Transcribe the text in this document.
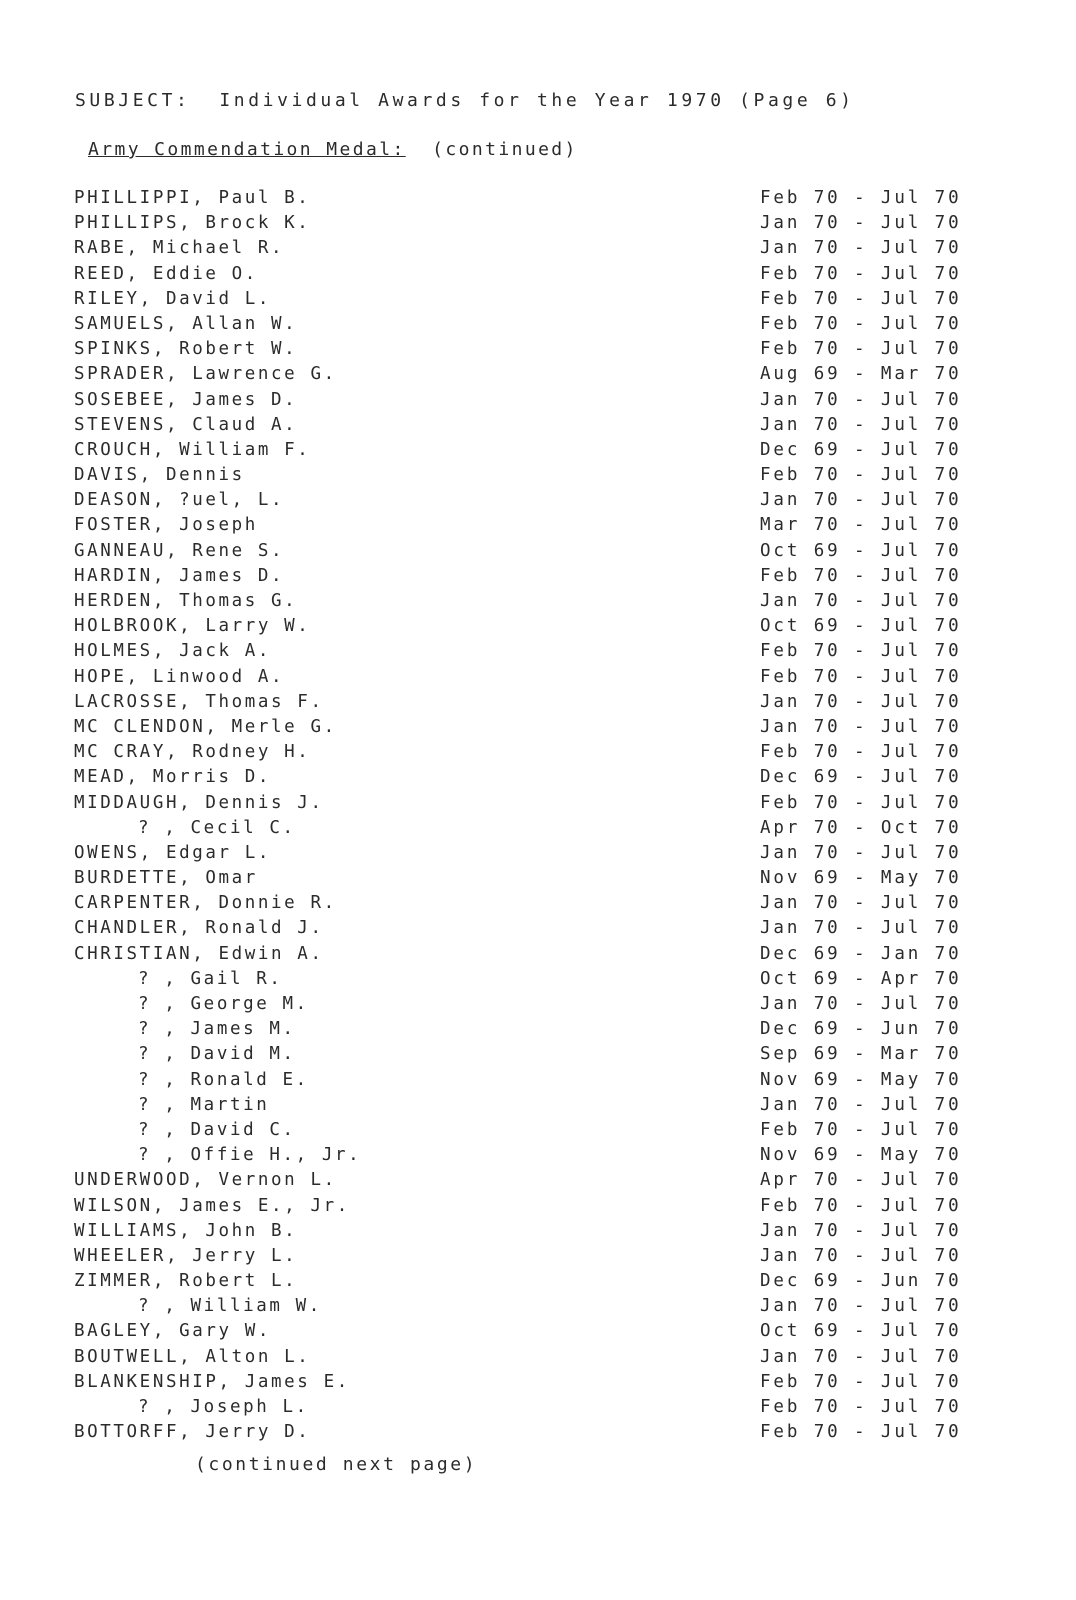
SUBJECT:  Individual Awards for the Year 1970 (Page 6)
Army Commendation Medal: (continued)
PHILLIPPI, Paul B.	Feb 70 - Jul 70
PHILLIPS, Brock K.	Jan 70 - Jul 70
RABE, Michael R.	Jan 70 - Jul 70
REED, Eddie O.	Feb 70 - Jul 70
RILEY, David L.	Feb 70 - Jul 70
SAMUELS, Allan W.	Feb 70 - Jul 70
SPINKS, Robert W.	Feb 70 - Jul 70
SPRADER, Lawrence G.	Aug 69 - Mar 70
SOSEBEE, James D.	Jan 70 - Jul 70
STEVENS, Claud A.	Jan 70 - Jul 70
CROUCH, William F.	Dec 69 - Jul 70
DAVIS, Dennis	Feb 70 - Jul 70
DEASON, ?uel, L.	Jan 70 - Jul 70
FOSTER, Joseph	Mar 70 - Jul 70
GANNEAU, Rene S.	Oct 69 - Jul 70
HARDIN, James D.	Feb 70 - Jul 70
HERDEN, Thomas G.	Jan 70 - Jul 70
HOLBROOK, Larry W.	Oct 69 - Jul 70
HOLMES, Jack A.	Feb 70 - Jul 70
HOPE, Linwood A.	Feb 70 - Jul 70
LACROSSE, Thomas F.	Jan 70 - Jul 70
MC CLENDON, Merle G.	Jan 70 - Jul 70
MC CRAY, Rodney H.	Feb 70 - Jul 70
MEAD, Morris D.	Dec 69 - Jul 70
MIDDAUGH, Dennis J.	Feb 70 - Jul 70
? , Cecil C.	Apr 70 - Oct 70
OWENS, Edgar L.	Jan 70 - Jul 70
BURDETTE, Omar	Nov 69 - May 70
CARPENTER, Donnie R.	Jan 70 - Jul 70
CHANDLER, Ronald J.	Jan 70 - Jul 70
CHRISTIAN, Edwin A.	Dec 69 - Jan 70
? , Gail R.	Oct 69 - Apr 70
? , George M.	Jan 70 - Jul 70
? , James M.	Dec 69 - Jun 70
? , David M.	Sep 69 - Mar 70
? , Ronald E.	Nov 69 - May 70
? , Martin	Jan 70 - Jul 70
? , David C.	Feb 70 - Jul 70
? , Offie H., Jr.	Nov 69 - May 70
UNDERWOOD, Vernon L.	Apr 70 - Jul 70
WILSON, James E., Jr.	Feb 70 - Jul 70
WILLIAMS, John B.	Jan 70 - Jul 70
WHEELER, Jerry L.	Jan 70 - Jul 70
ZIMMER, Robert L.	Dec 69 - Jun 70
? , William W.	Jan 70 - Jul 70
BAGLEY, Gary W.	Oct 69 - Jul 70
BOUTWELL, Alton L.	Jan 70 - Jul 70
BLANKENSHIP, James E.	Feb 70 - Jul 70
? , Joseph L.	Feb 70 - Jul 70
BOTTORFF, Jerry D.	Feb 70 - Jul 70
(continued next page)
